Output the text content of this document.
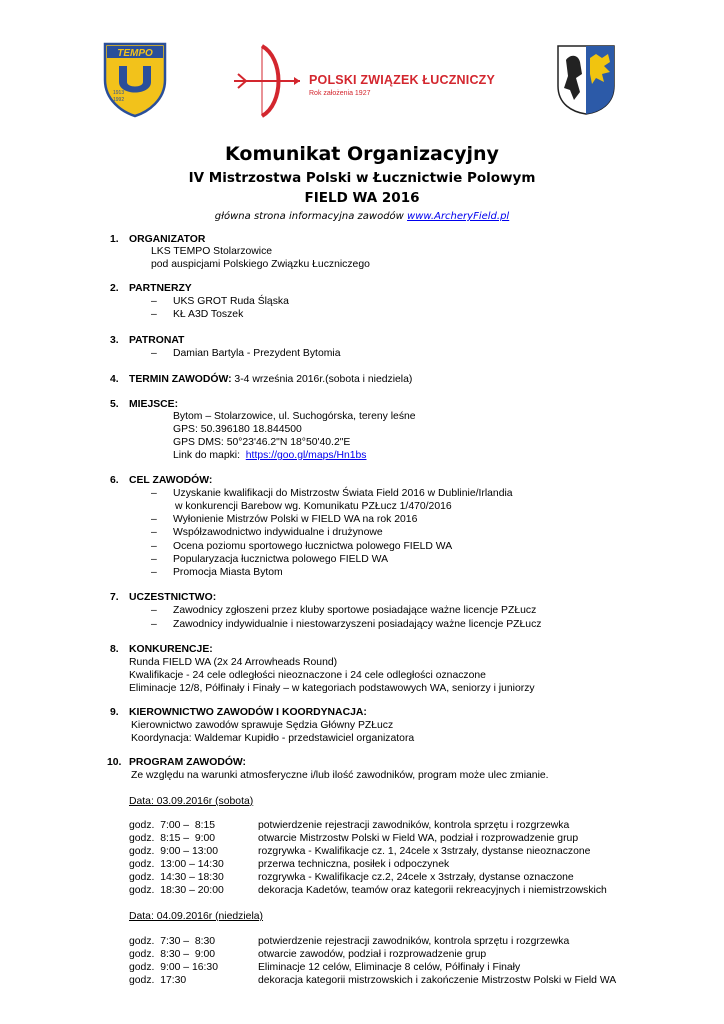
TEMPO
1913
1992
POLSKI ZWIĄZEK ŁUCZNICZY
Rok założenia 1927
Komunikat Organizacyjny
IV Mistrzostwa Polski w Łucznictwie Polowym
FIELD WA 2016
główna strona informacyjna zawodów www.ArcheryField.pl
1. ORGANIZATOR
LKS TEMPO Stolarzowice
pod auspicjami Polskiego Związku Łuczniczego
2. PARTNERZY
– UKS GROT Ruda Śląska
– KŁ A3D Toszek
3. PATRONAT
– Damian Bartyla - Prezydent Bytomia
4. TERMIN ZAWODÓW: 3-4 września 2016r.(sobota i niedziela)
5. MIEJSCE:
Bytom – Stolarzowice, ul. Suchogórska, tereny leśne
GPS: 50.396180 18.844500
GPS DMS: 50°23'46.2"N 18°50'40.2"E
Link do mapki:  https://goo.gl/maps/Hn1bs
6. CEL ZAWODÓW:
– Uzyskanie kwalifikacji do Mistrzostw Świata Field 2016 w Dublinie/Irlandia
w konkurencji Barebow wg. Komunikatu PZŁucz 1/470/2016
– Wyłonienie Mistrzów Polski w FIELD WA na rok 2016
– Współzawodnictwo indywidualne i drużynowe
– Ocena poziomu sportowego łucznictwa polowego FIELD WA
– Popularyzacja łucznictwa polowego FIELD WA
– Promocja Miasta Bytom
7. UCZESTNICTWO:
– Zawodnicy zgłoszeni przez kluby sportowe posiadające ważne licencje PZŁucz
– Zawodnicy indywidualnie i niestowarzyszeni posiadający ważne licencje PZŁucz
8. KONKURENCJE:
Runda FIELD WA (2x 24 Arrowheads Round)
Kwalifikacje - 24 cele odległości nieoznaczone i 24 cele odległości oznaczone
Eliminacje 12/8, Półfinały i Finały – w kategoriach podstawowych WA, seniorzy i juniorzy
9. KIEROWNICTWO ZAWODÓW I KOORDYNACJA:
Kierownictwo zawodów sprawuje Sędzia Główny PZŁucz
Koordynacja: Waldemar Kupidło - przedstawiciel organizatora
10. PROGRAM ZAWODÓW:
Ze względu na warunki atmosferyczne i/lub ilość zawodników, program może ulec zmianie.
Data: 03.09.2016r (sobota)
godz.  7:00 –  8:15	potwierdzenie rejestracji zawodników, kontrola sprzętu i rozgrzewka
godz.  8:15 –  9:00	otwarcie Mistrzostw Polski w Field WA, podział i rozprowadzenie grup
godz.  9:00 – 13:00	rozgrywka - Kwalifikacje cz. 1, 24cele x 3strzały, dystanse nieoznaczone
godz.  13:00 – 14:30	przerwa techniczna, posiłek i odpoczynek
godz.  14:30 – 18:30	rozgrywka - Kwalifikacje cz.2, 24cele x 3strzały, dystanse oznaczone
godz.  18:30 – 20:00	dekoracja Kadetów, teamów oraz kategorii rekreacyjnych i niemistrzowskich
Data: 04.09.2016r (niedziela)
godz.  7:30 –  8:30	potwierdzenie rejestracji zawodników, kontrola sprzętu i rozgrzewka
godz.  8:30 –  9:00	otwarcie zawodów, podział i rozprowadzenie grup
godz.  9:00 – 16:30	Eliminacje 12 celów, Eliminacje 8 celów, Półfinały i Finały
godz.  17:30	dekoracja kategorii mistrzowskich i zakończenie Mistrzostw Polski w Field WA
